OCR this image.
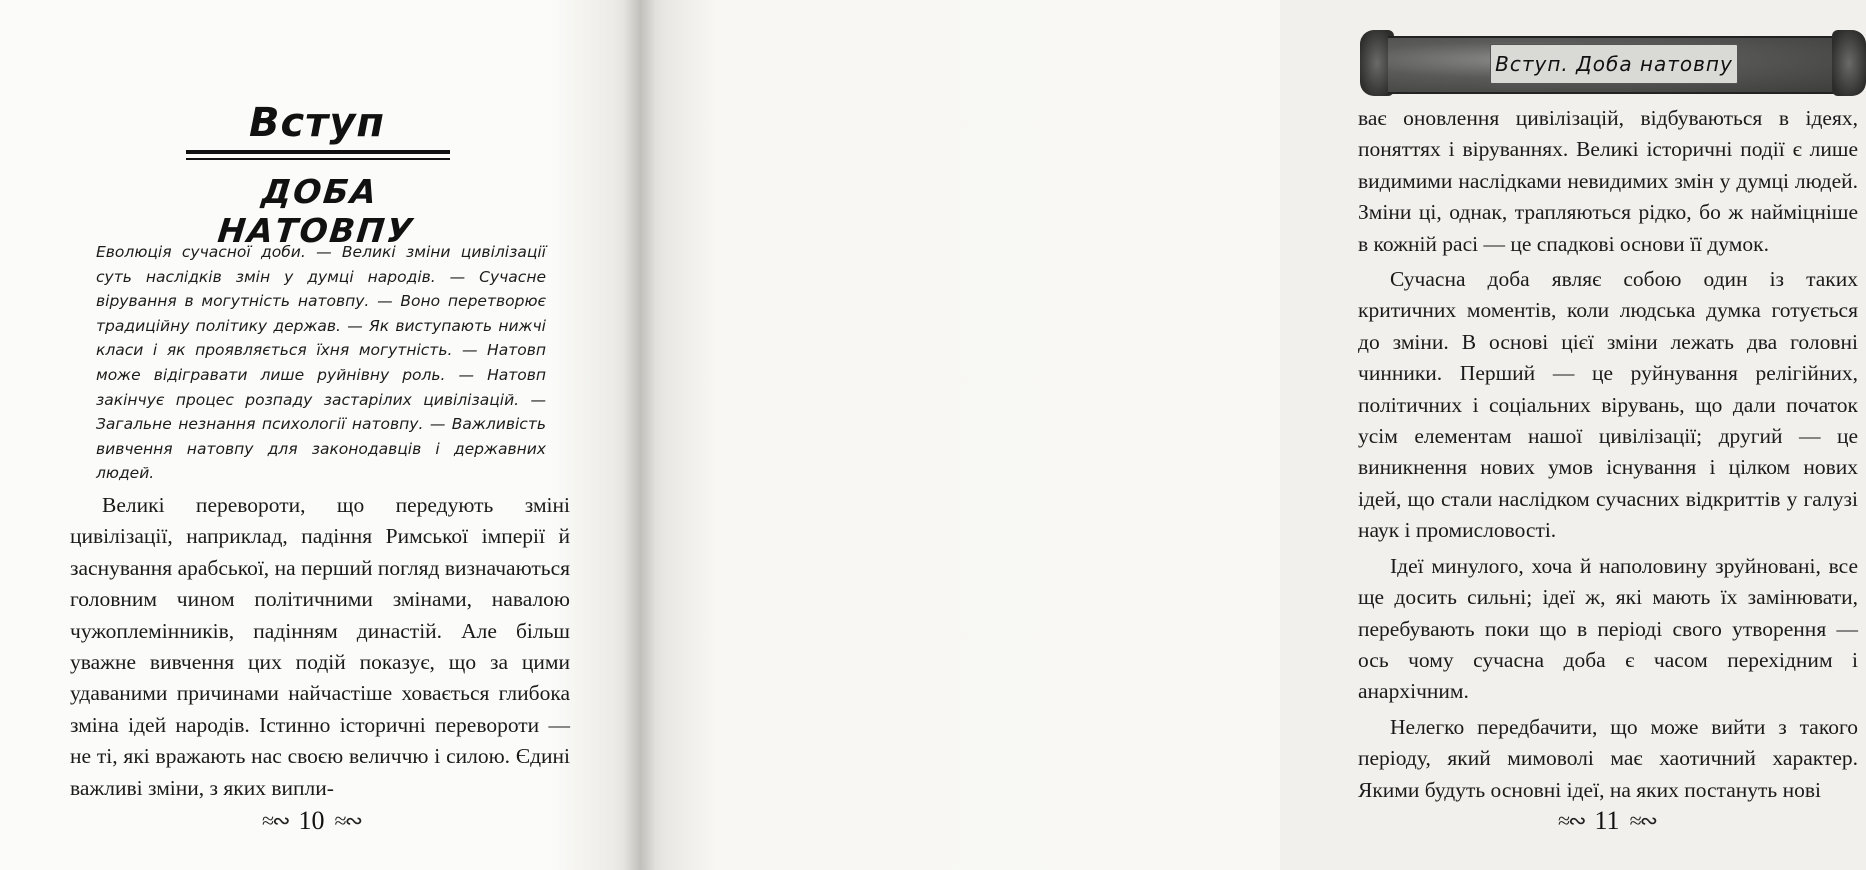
Вступ
ДОБА НАТОВПУ

Еволюція сучасної доби. — Великі зміни цивілізації суть наслідків змін у думці народів. — Сучасне вірування в могутність натовпу. — Воно перетворює традиційну політику держав. — Як виступають нижчі класи і як проявляється їхня могутність. — Натовп може відігравати лише руйнівну роль. — Натовп закінчує процес розпаду застарілих цивілізацій. — Загальне незнання психології натовпу. — Важливість вивчення натовпу для законодавців і державних людей.

Великі перевороти, що передують зміні цивілізації, наприклад, падіння Римської імперії й заснування арабської, на перший погляд визначаються головним чином політичними змінами, навалою чужоплемінників, падінням династій. Але більш уважне вивчення цих подій показує, що за цими удаваними причинами найчастіше ховається глибока зміна ідей народів. Істинно історичні перевороти — не ті, які вражають нас своєю величчю і силою. Єдині важливі зміни, з яких випли-

≈∾ 10 ≈∾
Вступ. Доба натовпу

ває оновлення цивілізацій, відбуваються в ідеях, поняттях і віруваннях. Великі історичні події є лише видимими наслідками невидимих змін у думці людей. Зміни ці, однак, трапляються рідко, бо ж найміцніше в кожній расі — це спадкові основи її думок.

Сучасна доба являє собою один із таких критичних моментів, коли людська думка готується до зміни. В основі цієї зміни лежать два головні чинники. Перший — це руйнування релігійних, політичних і соціальних вірувань, що дали початок усім елементам нашої цивілізації; другий — це виникнення нових умов існування і цілком нових ідей, що стали наслідком сучасних відкриттів у галузі наук і промисловості.

Ідеї минулого, хоча й наполовину зруйновані, все ще досить сильні; ідеї ж, які мають їх замінювати, перебувають поки що в періоді свого утворення — ось чому сучасна доба є часом перехідним і анархічним.

Нелегко передбачити, що може вийти з такого періоду, який мимоволі має хаотичний характер. Якими будуть основні ідеї, на яких постануть нові

≈∾ 11 ≈∾
